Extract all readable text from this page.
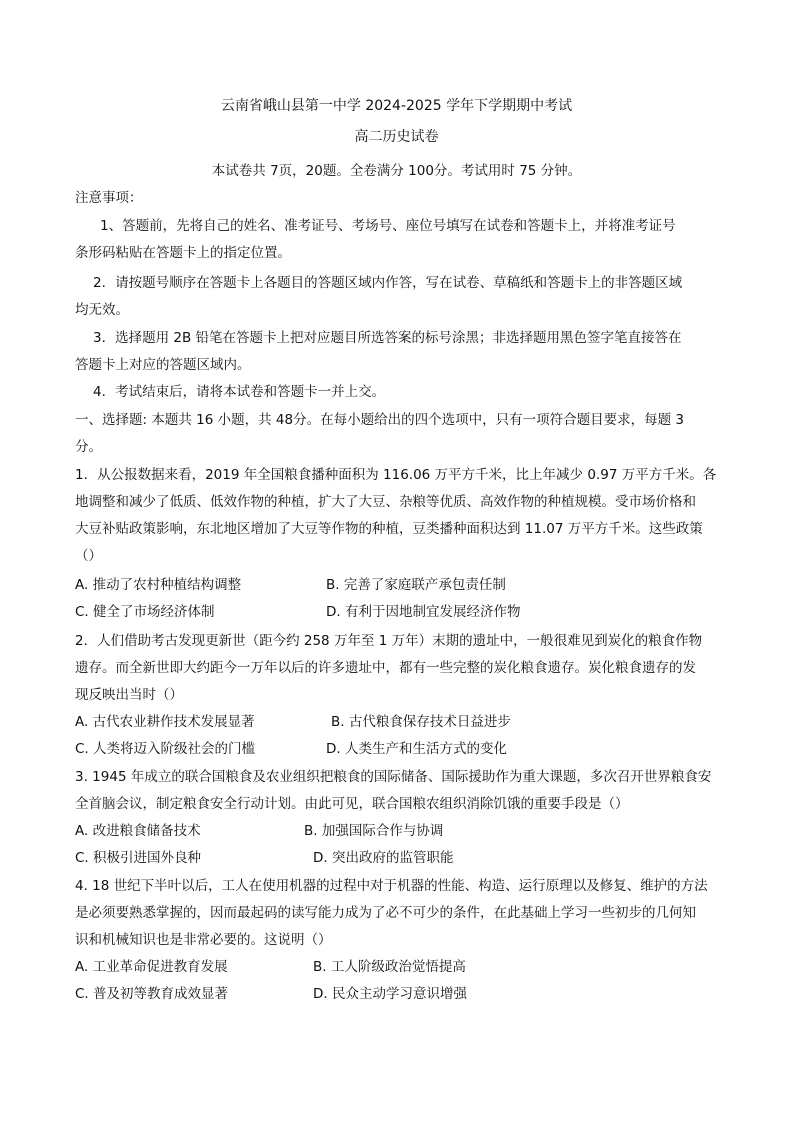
云南省峨山县第一中学 2024-2025 学年下学期期中考试
高二历史试卷
本试卷共 7页，20题。全卷满分 100分。考试用时 75 分钟。
注意事项：
1、答题前，先将自己的姓名、准考证号、考场号、座位号填写在试卷和答题卡上，并将准考证号
条形码粘贴在答题卡上的指定位置。
2．请按题号顺序在答题卡上各题目的答题区域内作答，写在试卷、草稿纸和答题卡上的非答题区域
均无效。
3．选择题用 2B 铅笔在答题卡上把对应题目所选答案的标号涂黑；非选择题用黑色签字笔直接答在
答题卡上对应的答题区域内。
4．考试结束后，请将本试卷和答题卡一并上交。
一、选择题: 本题共 16 小题，共 48分。在每小题给出的四个选项中，只有一项符合题目要求，每题 3
分。
1．从公报数据来看，2019 年全国粮食播种面积为 116.06 万平方千米，比上年减少 0.97 万平方千米。各
地调整和减少了低质、低效作物的种植，扩大了大豆、杂粮等优质、高效作物的种植规模。受市场价格和
大豆补贴政策影响，东北地区增加了大豆等作物的种植，豆类播种面积达到 11.07 万平方千米。这些政策
（）
A. 推动了农村种植结构调整	B. 完善了家庭联产承包责任制
C. 健全了市场经济体制	D. 有利于因地制宜发展经济作物
2．人们借助考古发现更新世（距今约 258 万年至 1 万年）末期的遗址中，一般很难见到炭化的粮食作物
遗存。而全新世即大约距今一万年以后的许多遗址中，都有一些完整的炭化粮食遗存。炭化粮食遗存的发
现反映出当时（）
A. 古代农业耕作技术发展显著	B. 古代粮食保存技术日益进步
C. 人类将迈入阶级社会的门槛	D. 人类生产和生活方式的变化
3. 1945 年成立的联合国粮食及农业组织把粮食的国际储备、国际援助作为重大课题，多次召开世界粮食安
全首脑会议，制定粮食安全行动计划。由此可见，联合国粮农组织消除饥饿的重要手段是（）
A. 改进粮食储备技术	B. 加强国际合作与协调
C. 积极引进国外良种	D. 突出政府的监管职能
4. 18 世纪下半叶以后，工人在使用机器的过程中对于机器的性能、构造、运行原理以及修复、维护的方法
是必须要熟悉掌握的，因而最起码的读写能力成为了必不可少的条件，在此基础上学习一些初步的几何知
识和机械知识也是非常必要的。这说明（）
A. 工业革命促进教育发展	B. 工人阶级政治觉悟提高
C. 普及初等教育成效显著	D. 民众主动学习意识增强
